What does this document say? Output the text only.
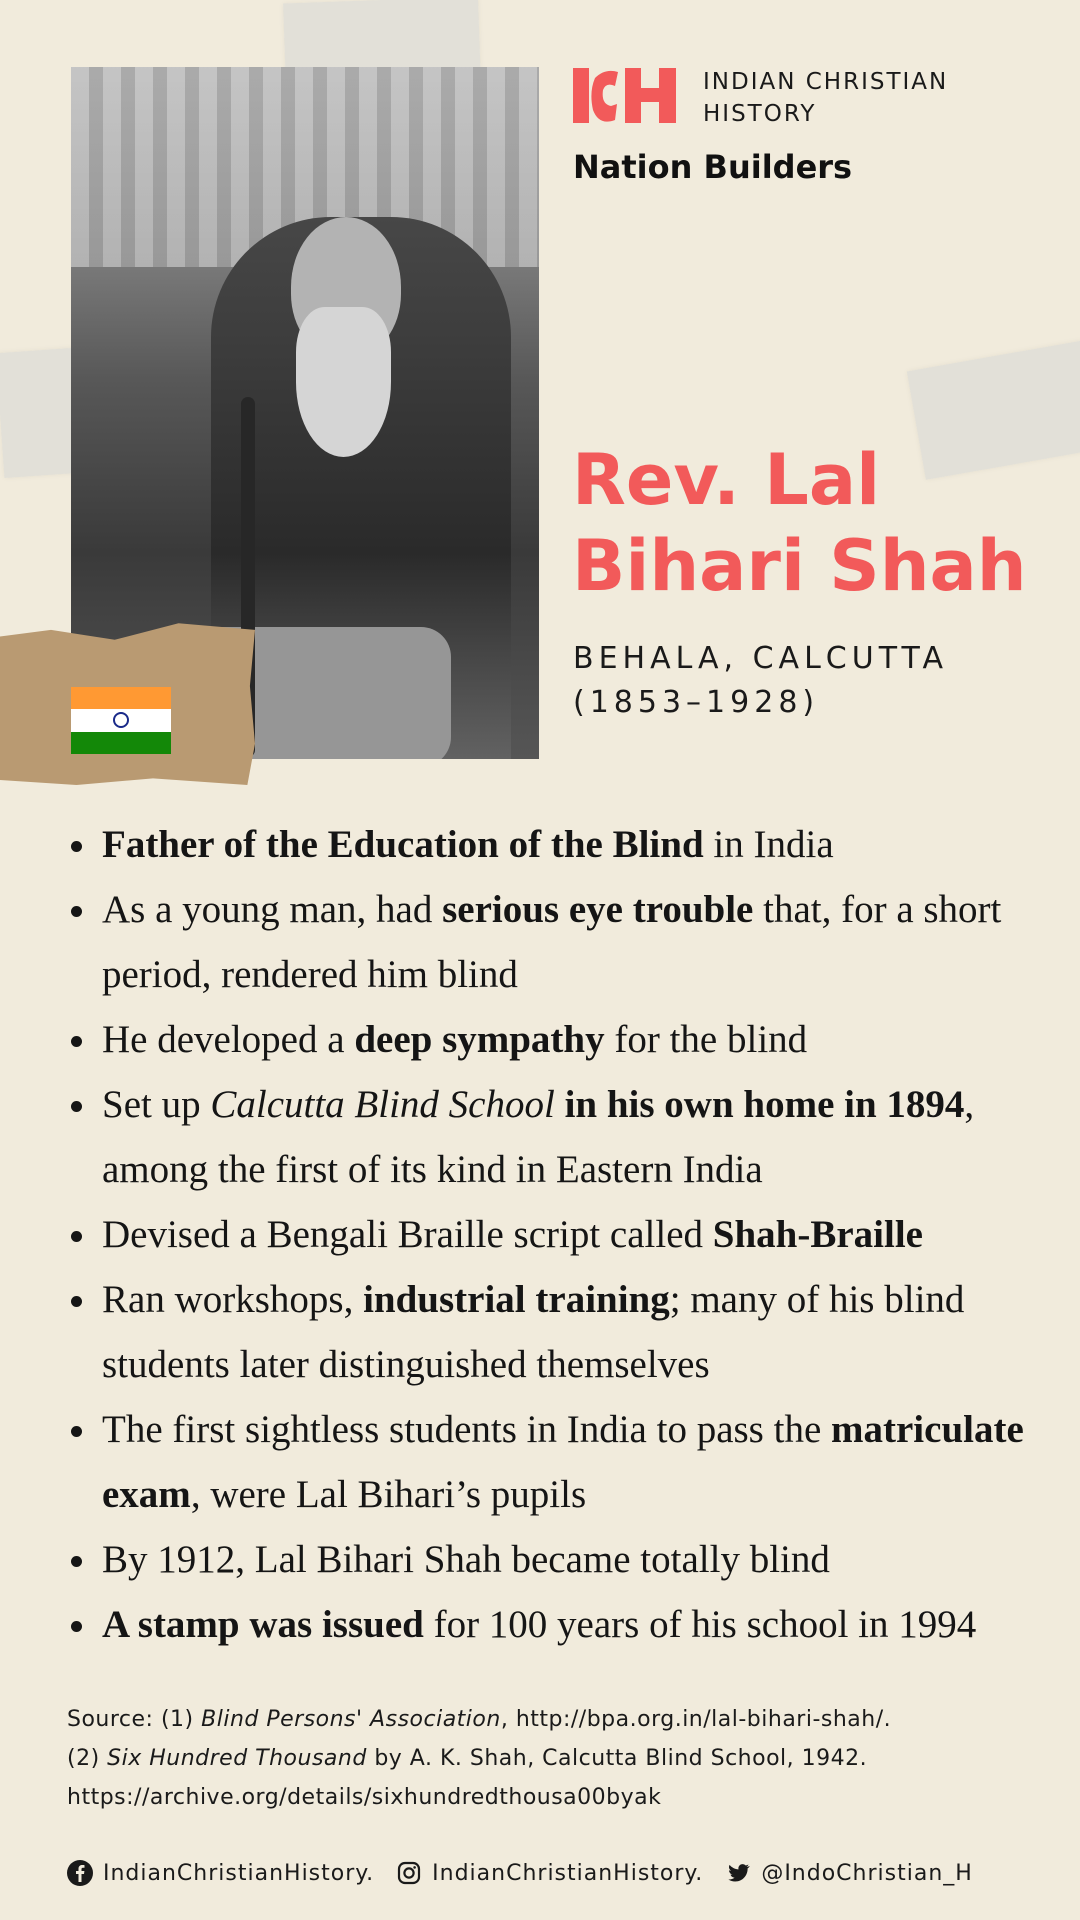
INDIAN CHRISTIAN
HISTORY
Nation Builders
Rev. Lal
Bihari Shah
BEHALA, CALCUTTA
(1853–1928)
• Father of the Education of the Blind in India
• As a young man, had serious eye trouble that, for a short period, rendered him blind
• He developed a deep sympathy for the blind
• Set up Calcutta Blind School in his own home in 1894, among the first of its kind in Eastern India
• Devised a Bengali Braille script called Shah-Braille
• Ran workshops, industrial training; many of his blind students later distinguished themselves
• The first sightless students in India to pass the matriculate exam, were Lal Bihari’s pupils
• By 1912, Lal Bihari Shah became totally blind
• A stamp was issued for 100 years of his school in 1994
Source: (1) Blind Persons' Association, http://bpa.org.in/lal-bihari-shah/.
(2) Six Hundred Thousand by A. K. Shah, Calcutta Blind School, 1942.
https://archive.org/details/sixhundredthousa00byak
IndianChristianHistory.	IndianChristianHistory.	@IndoChristian_H
